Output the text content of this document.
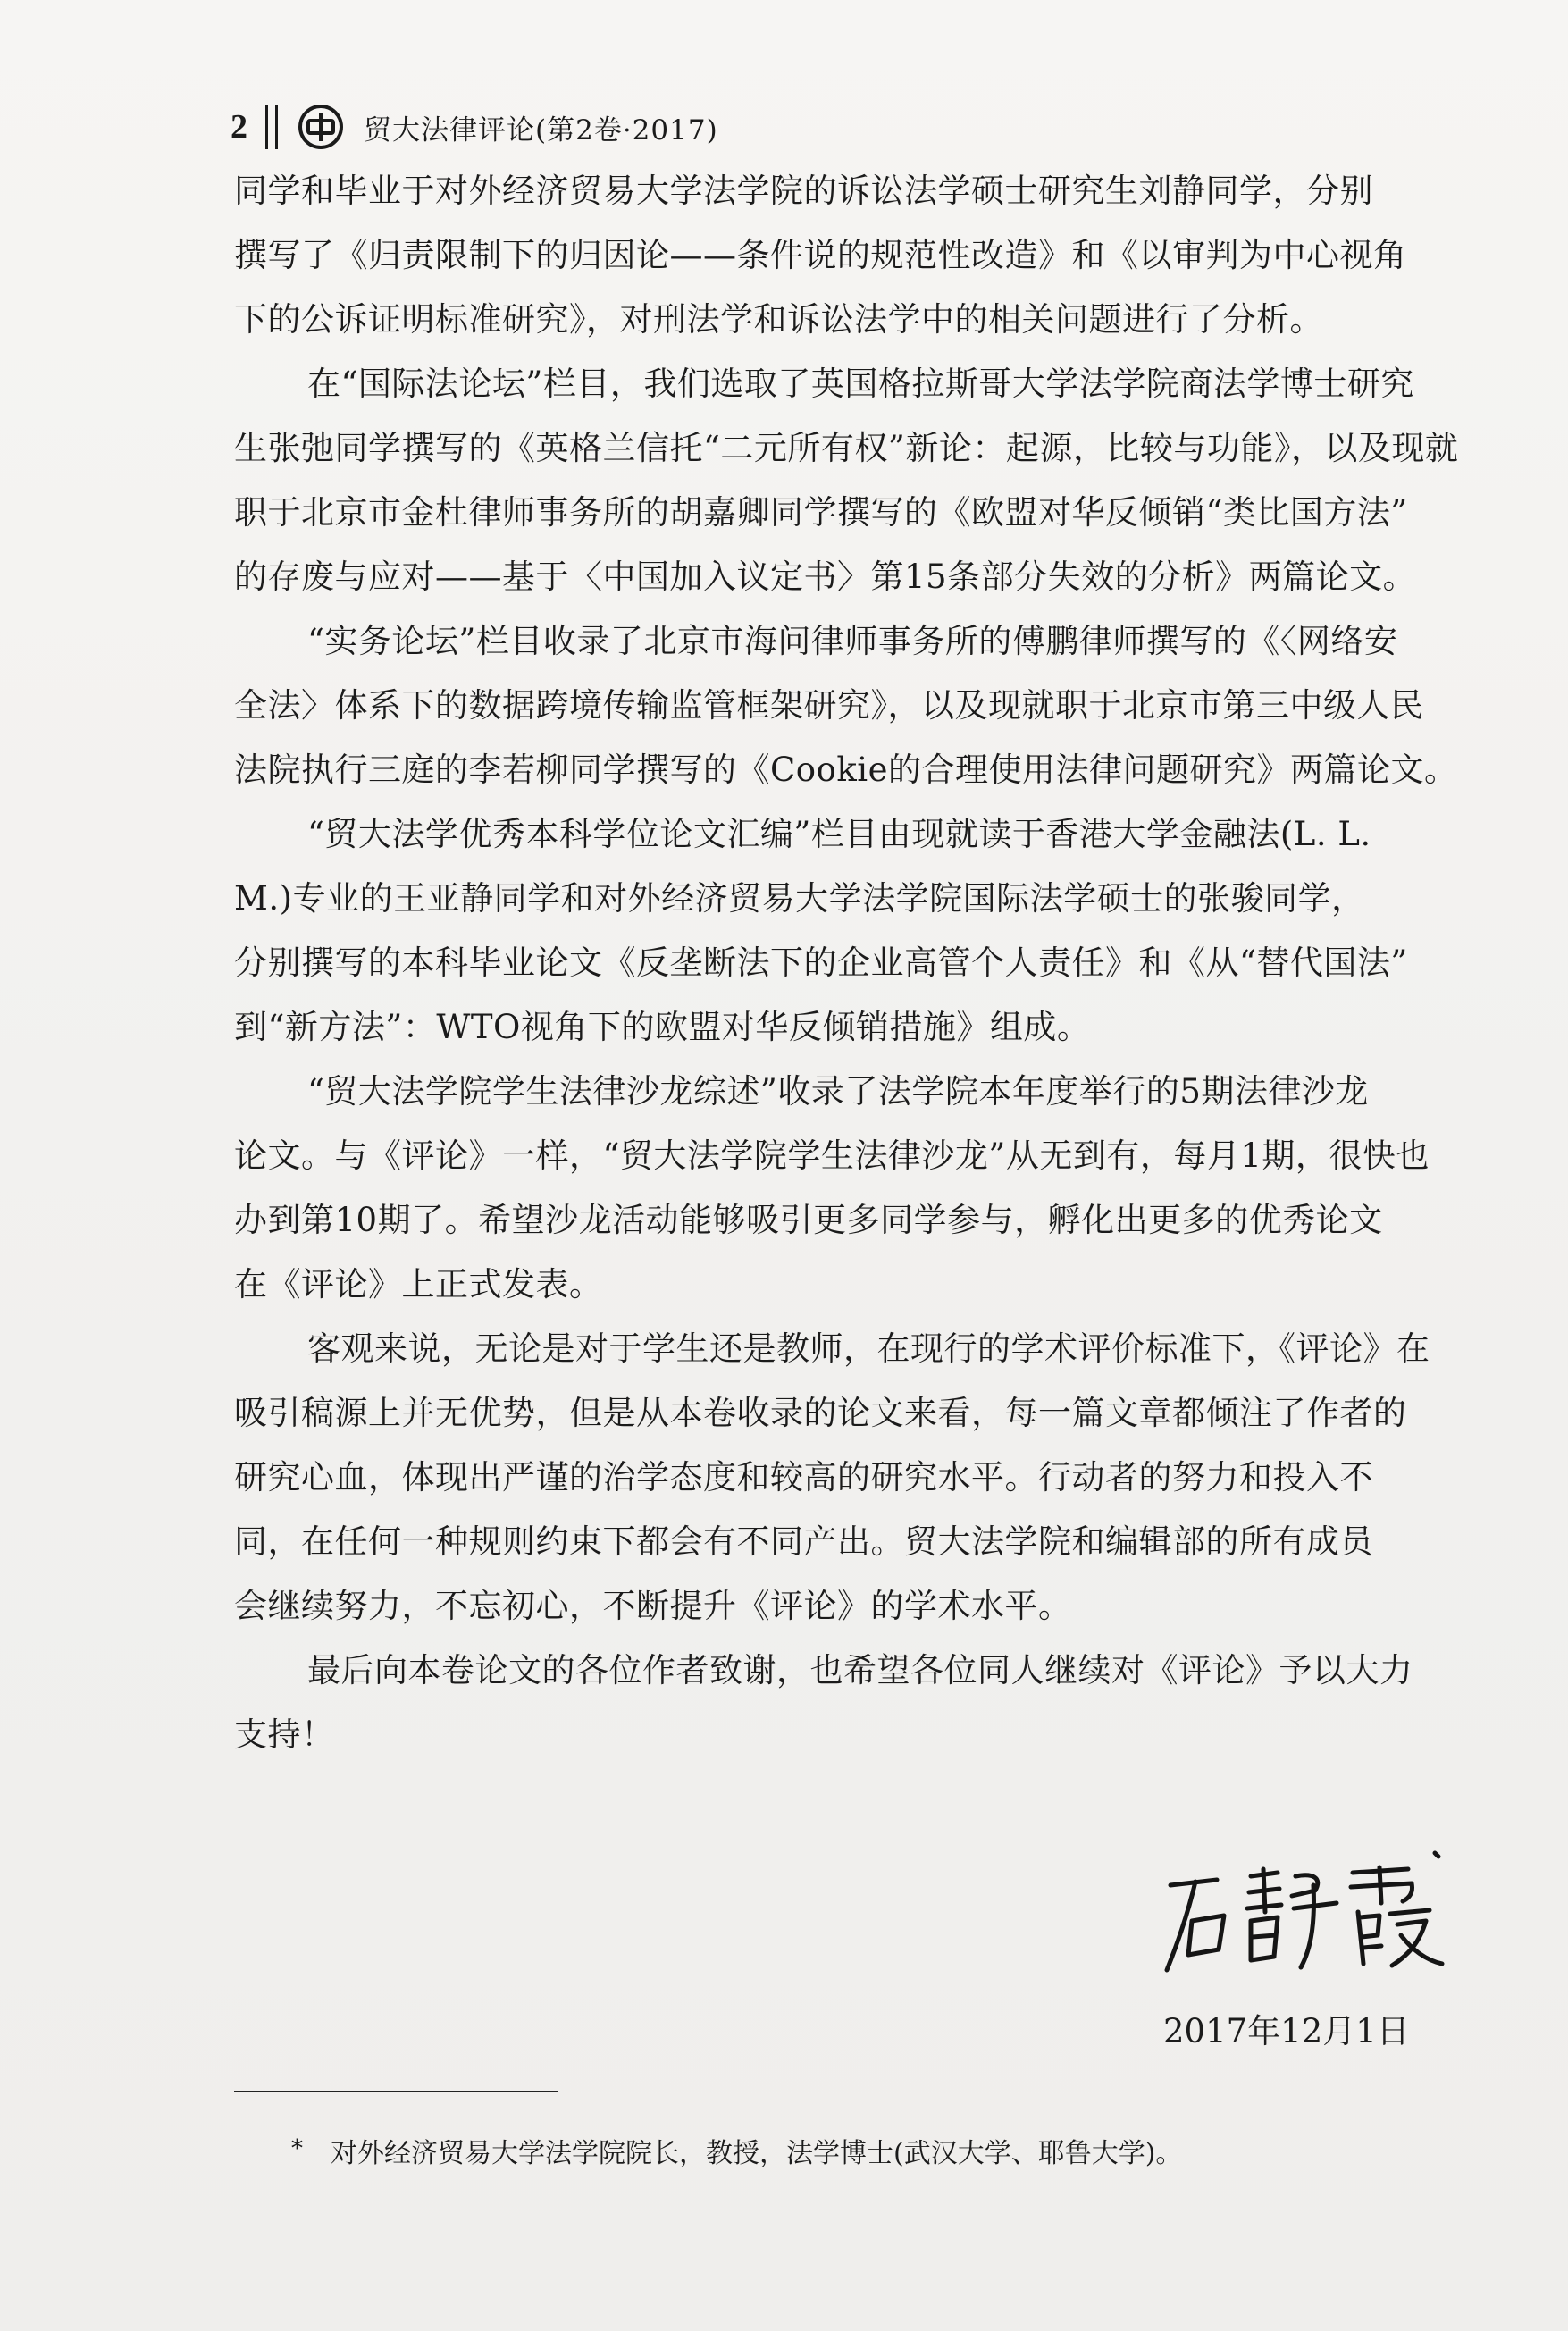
2	贸大法律评论(第2卷·2017)
同学和毕业于对外经济贸易大学法学院的诉讼法学硕士研究生刘静同学，分别
撰写了《归责限制下的归因论——条件说的规范性改造》和《以审判为中心视角
下的公诉证明标准研究》，对刑法学和诉讼法学中的相关问题进行了分析。
在“国际法论坛”栏目，我们选取了英国格拉斯哥大学法学院商法学博士研究
生张弛同学撰写的《英格兰信托“二元所有权”新论：起源，比较与功能》，以及现就
职于北京市金杜律师事务所的胡嘉卿同学撰写的《欧盟对华反倾销“类比国方法”
的存废与应对——基于〈中国加入议定书〉第15条部分失效的分析》两篇论文。
“实务论坛”栏目收录了北京市海问律师事务所的傅鹏律师撰写的《〈网络安
全法〉体系下的数据跨境传输监管框架研究》，以及现就职于北京市第三中级人民
法院执行三庭的李若柳同学撰写的《Cookie的合理使用法律问题研究》两篇论文。
“贸大法学优秀本科学位论文汇编”栏目由现就读于香港大学金融法(L. L.
M.)专业的王亚静同学和对外经济贸易大学法学院国际法学硕士的张骏同学，
分别撰写的本科毕业论文《反垄断法下的企业高管个人责任》和《从“替代国法”
到“新方法”：WTO视角下的欧盟对华反倾销措施》组成。
“贸大法学院学生法律沙龙综述”收录了法学院本年度举行的5期法律沙龙
论文。与《评论》一样，“贸大法学院学生法律沙龙”从无到有，每月1期，很快也
办到第10期了。希望沙龙活动能够吸引更多同学参与，孵化出更多的优秀论文
在《评论》上正式发表。
客观来说，无论是对于学生还是教师，在现行的学术评价标准下，《评论》在
吸引稿源上并无优势，但是从本卷收录的论文来看，每一篇文章都倾注了作者的
研究心血，体现出严谨的治学态度和较高的研究水平。行动者的努力和投入不
同，在任何一种规则约束下都会有不同产出。贸大法学院和编辑部的所有成员
会继续努力，不忘初心，不断提升《评论》的学术水平。
最后向本卷论文的各位作者致谢，也希望各位同人继续对《评论》予以大力
支持！
2017年12月1日
* 对外经济贸易大学法学院院长，教授，法学博士(武汉大学、耶鲁大学)。
